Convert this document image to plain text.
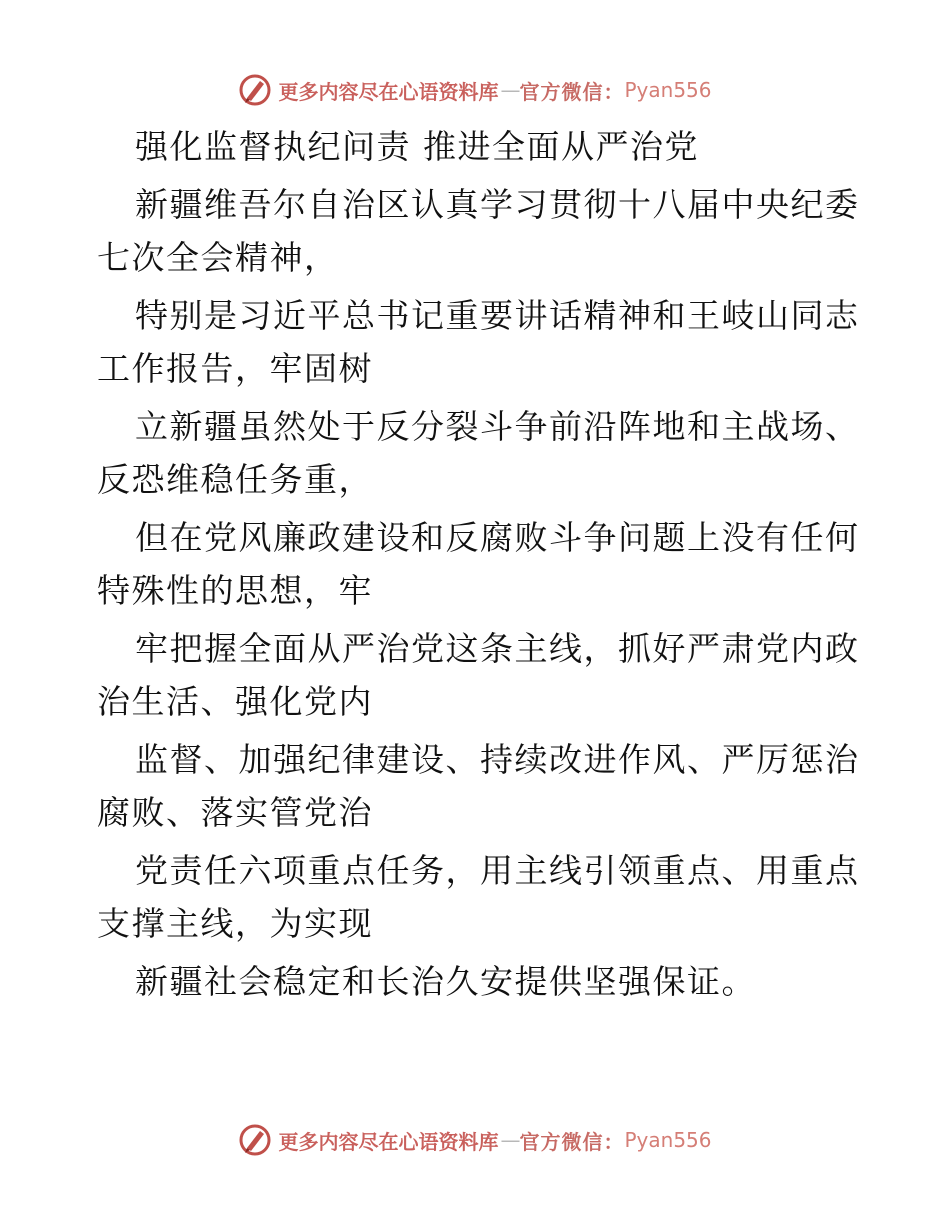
更多内容尽在心语资料库 — 官方微信： Pyan556
强化监督执纪问责 推进全面从严治党
新疆维吾尔自治区认真学习贯彻十八届中央纪委
七次全会精神，
特别是习近平总书记重要讲话精神和王岐山同志
工作报告，牢固树
立新疆虽然处于反分裂斗争前沿阵地和主战场、
反恐维稳任务重，
但在党风廉政建设和反腐败斗争问题上没有任何
特殊性的思想，牢
牢把握全面从严治党这条主线，抓好严肃党内政
治生活、强化党内
监督、加强纪律建设、持续改进作风、严厉惩治
腐败、落实管党治
党责任六项重点任务，用主线引领重点、用重点
支撑主线，为实现
新疆社会稳定和长治久安提供坚强保证。
更多内容尽在心语资料库 — 官方微信： Pyan556
